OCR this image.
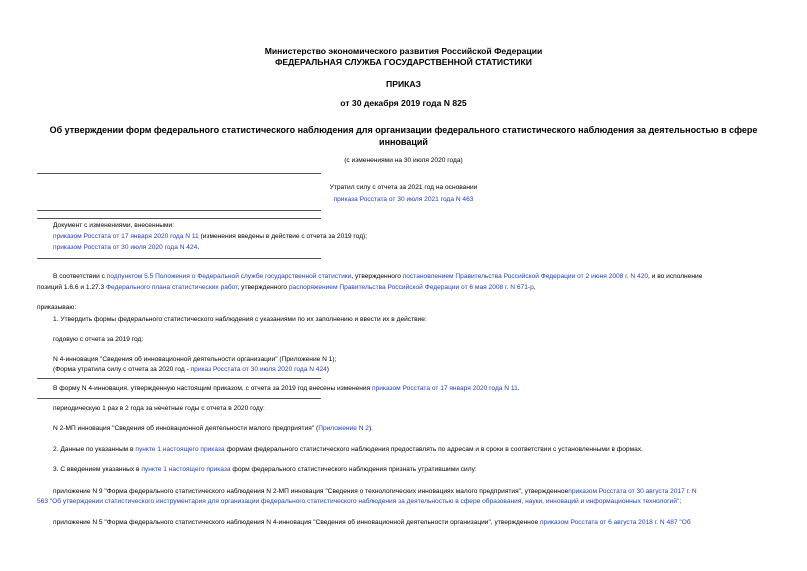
Министерство экономического развития Российской Федерации
ФЕДЕРАЛЬНАЯ СЛУЖБА ГОСУДАРСТВЕННОЙ СТАТИСТИКИ
ПРИКАЗ
от 30 декабря 2019 года N 825
Об утверждении форм федерального статистического наблюдения для организации федерального статистического наблюдения за деятельностью в сфере
инноваций
(с изменениями на 30 июля 2020 года)
Утратил силу с отчета за 2021 год на основании
приказа Росстата от 30 июля 2021 года N 463
Документ с изменениями, внесенными:
приказом Росстата от 17 января 2020 года N 11 (изменения введены в действие с отчета за 2019 год);
приказом Росстата от 30 июля 2020 года N 424.
В соответствии с подпунктом 5.5 Положения о Федеральной службе государственной статистики, утвержденного постановлением Правительства Российской Федерации от 2 июня 2008 г. N 420, и во исполнение
позиций 1.6.6 и 1.27.3 Федерального плана статистических работ, утвержденного распоряжением Правительства Российской Федерации от 6 мая 2008 г. N 671-р,
приказываю:
1. Утвердить формы федерального статистического наблюдения с указаниями по их заполнению и ввести их в действие:
годовую с отчета за 2019 год:
N 4-инновация "Сведения об инновационной деятельности организации" (Приложение N 1);
(Форма утратила силу с отчета за 2020 год - приказ Росстата от 30 июля 2020 года N 424)
В форму N 4-инновация, утвержденную настоящим приказом, с отчета за 2019 год внесены изменения приказом Росстата от 17 января 2020 года N 11.
периодическую 1 раз в 2 года за нечетные годы с отчета в 2020 году:
N 2-МП инновация "Сведения об инновационной деятельности малого предприятия" (Приложение N 2).
2. Данные по указанным в пункте 1 настоящего приказа формам федерального статистического наблюдения предоставлять по адресам и в сроки в соответствии с установленными в формах.
3. С введением указанных в пункте 1 настоящего приказа форм федерального статистического наблюдения признать утратившими силу:
приложение N 9 "Форма федерального статистического наблюдения N 2-МП инновация "Сведения о технологических инновациях малого предприятия", утвержденноеприказом Росстата от 30 августа 2017 г. N
563 "Об утверждении статистического инструментария для организации федерального статистического наблюдения за деятельностью в сфере образования, науки, инноваций и информационных технологий";
приложение N 5 "Форма федерального статистического наблюдения N 4-инновация "Сведения об инновационной деятельности организации", утвержденное приказом Росстата от 6 августа 2018 г. N 487 "Об
